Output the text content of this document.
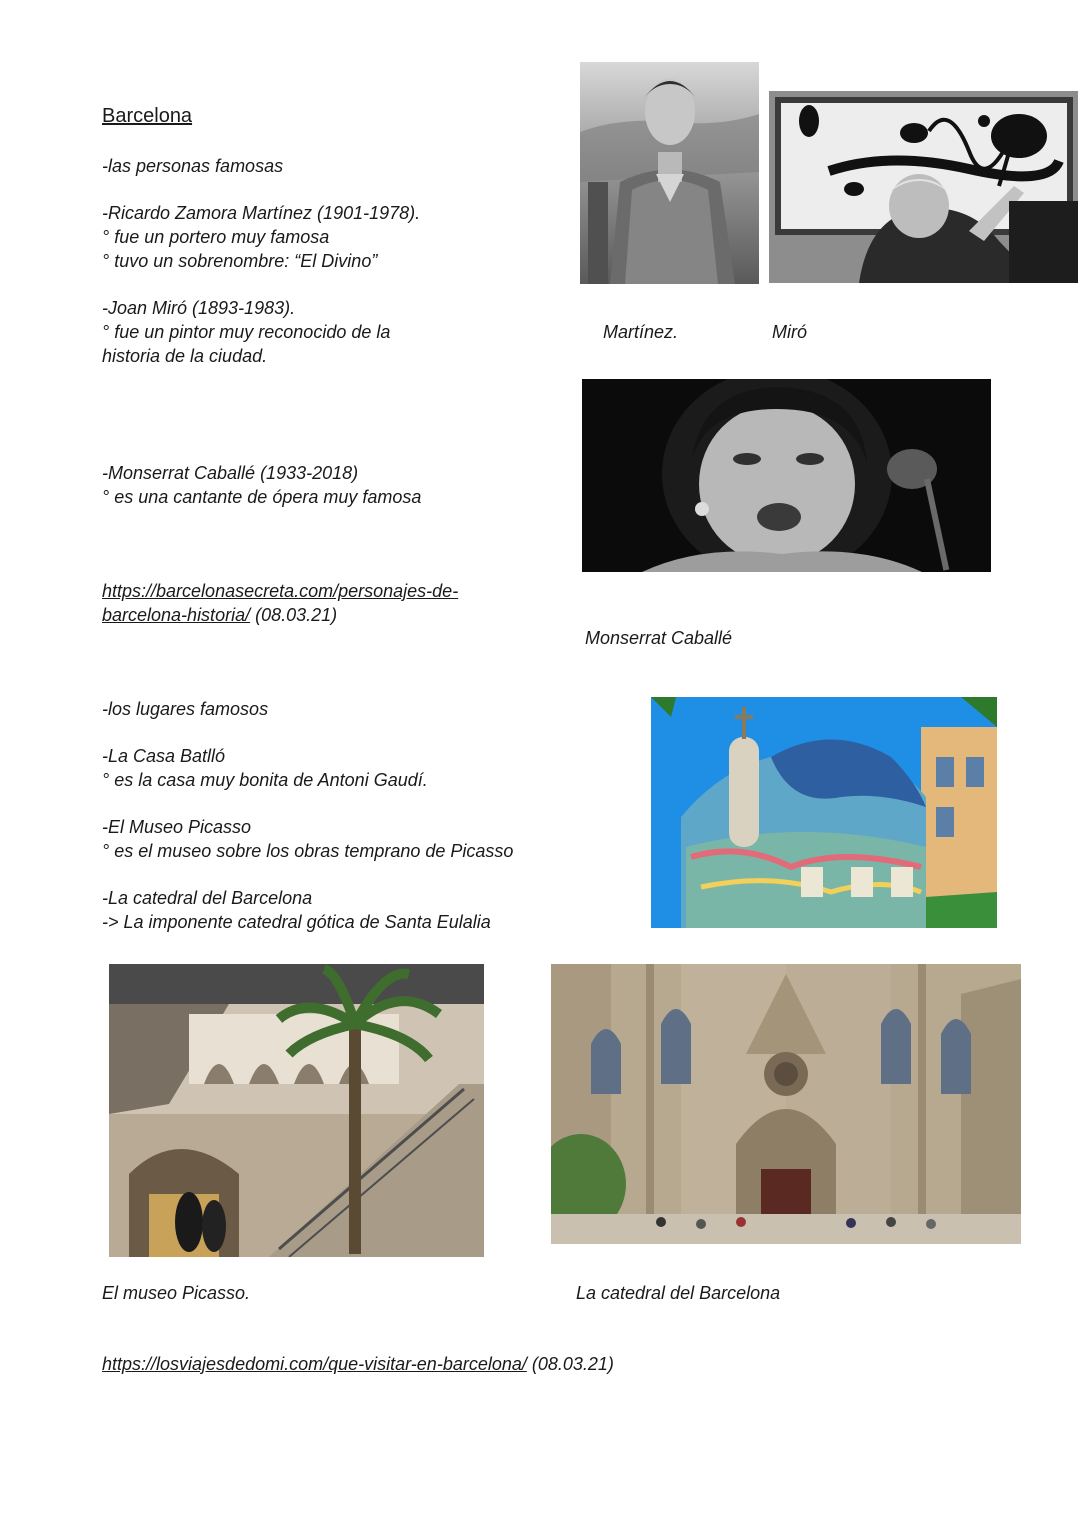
Barcelona
-las personas famosas
-Ricardo Zamora Martínez (1901-1978).
° fue un portero muy famosa
° tuvo un sobrenombre: “El Divino”
-Joan Miró (1893-1983).
° fue un pintor muy reconocido de la
historia de la ciudad.
-Monserrat Caballé (1933-2018)
° es una cantante de ópera muy famosa
https://barcelonasecreta.com/personajes-de-
barcelona-historia/ (08.03.21)
-los lugares famosos
-La Casa Batlló
° es la casa muy bonita de Antoni Gaudí.
-El Museo Picasso
° es el museo sobre los obras temprano de Picasso
-La catedral del Barcelona
-> La imponente catedral gótica de Santa Eulalia
https://losviajesdedomi.com/que-visitar-en-barcelona/ (08.03.21)
Martínez.	Miró
Monserrat Caballé
El museo Picasso.	La catedral del Barcelona
